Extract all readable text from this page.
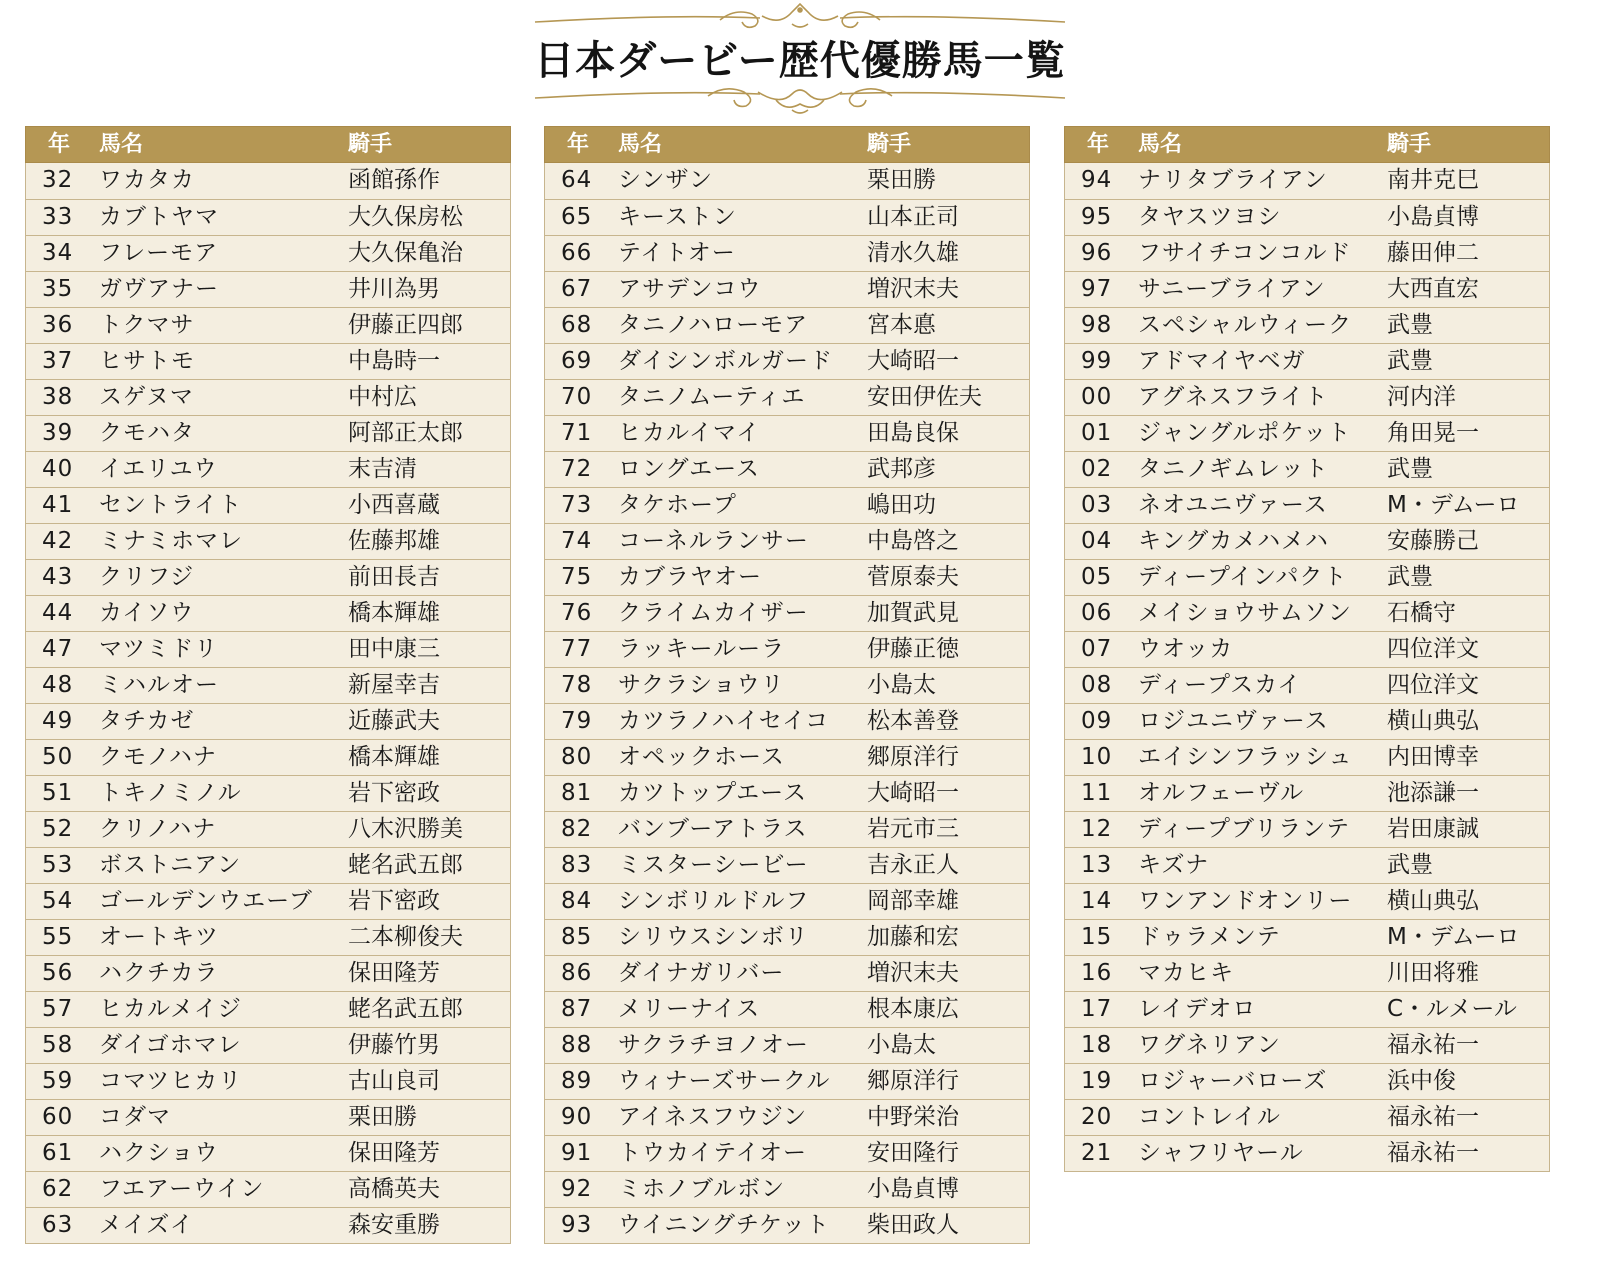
日本ダービー歴代優勝馬一覧
年 馬名	騎手
32 ワカタカ	函館孫作
33 カブトヤマ	大久保房松
34 フレーモア	大久保亀治
35 ガヴアナー	井川為男
36 トクマサ	伊藤正四郎
37 ヒサトモ	中島時一
38 スゲヌマ	中村広
39 クモハタ	阿部正太郎
40 イエリユウ	末吉清
41 セントライト	小西喜蔵
42 ミナミホマレ	佐藤邦雄
43 クリフジ	前田長吉
44 カイソウ	橋本輝雄
47 マツミドリ	田中康三
48 ミハルオー	新屋幸吉
49 タチカゼ	近藤武夫
50 クモノハナ	橋本輝雄
51 トキノミノル	岩下密政
52 クリノハナ	八木沢勝美
53 ボストニアン	蛯名武五郎
54 ゴールデンウエーブ 岩下密政
55 オートキツ	二本柳俊夫
56 ハクチカラ	保田隆芳
57 ヒカルメイジ	蛯名武五郎
58 ダイゴホマレ	伊藤竹男
59 コマツヒカリ	古山良司
60 コダマ	栗田勝
61 ハクショウ	保田隆芳
62 フエアーウイン	高橋英夫
63 メイズイ	森安重勝
年 馬名	騎手
64 シンザン	栗田勝
65 キーストン	山本正司
66 テイトオー	清水久雄
67 アサデンコウ	増沢末夫
68 タニノハローモア	宮本悳
69 ダイシンボルガード 大崎昭一
70 タニノムーティエ	安田伊佐夫
71 ヒカルイマイ	田島良保
72 ロングエース	武邦彦
73 タケホープ	嶋田功
74 コーネルランサー	中島啓之
75 カブラヤオー	菅原泰夫
76 クライムカイザー	加賀武見
77 ラッキールーラ	伊藤正徳
78 サクラショウリ	小島太
79 カツラノハイセイコ 松本善登
80 オペックホース	郷原洋行
81 カツトップエース	大崎昭一
82 バンブーアトラス	岩元市三
83 ミスターシービー	吉永正人
84 シンボリルドルフ	岡部幸雄
85 シリウスシンボリ	加藤和宏
86 ダイナガリバー	増沢末夫
87 メリーナイス	根本康広
88 サクラチヨノオー	小島太
89 ウィナーズサークル 郷原洋行
90 アイネスフウジン	中野栄治
91 トウカイテイオー	安田隆行
92 ミホノブルボン	小島貞博
93 ウイニングチケット 柴田政人
年 馬名	騎手
94 ナリタブライアン	南井克巳
95 タヤスツヨシ	小島貞博
96 フサイチコンコルド 藤田伸二
97 サニーブライアン	大西直宏
98 スペシャルウィーク 武豊
99 アドマイヤベガ	武豊
00 アグネスフライト	河内洋
01 ジャングルポケット 角田晃一
02 タニノギムレット	武豊
03 ネオユニヴァース	M・デムーロ
04 キングカメハメハ	安藤勝己
05 ディープインパクト 武豊
06 メイショウサムソン 石橋守
07 ウオッカ	四位洋文
08 ディープスカイ	四位洋文
09 ロジユニヴァース	横山典弘
10 エイシンフラッシュ 内田博幸
11 オルフェーヴル	池添謙一
12 ディープブリランテ 岩田康誠
13 キズナ	武豊
14 ワンアンドオンリー 横山典弘
15 ドゥラメンテ	M・デムーロ
16 マカヒキ	川田将雅
17 レイデオロ	C・ルメール
18 ワグネリアン	福永祐一
19 ロジャーバローズ	浜中俊
20 コントレイル	福永祐一
21 シャフリヤール	福永祐一
